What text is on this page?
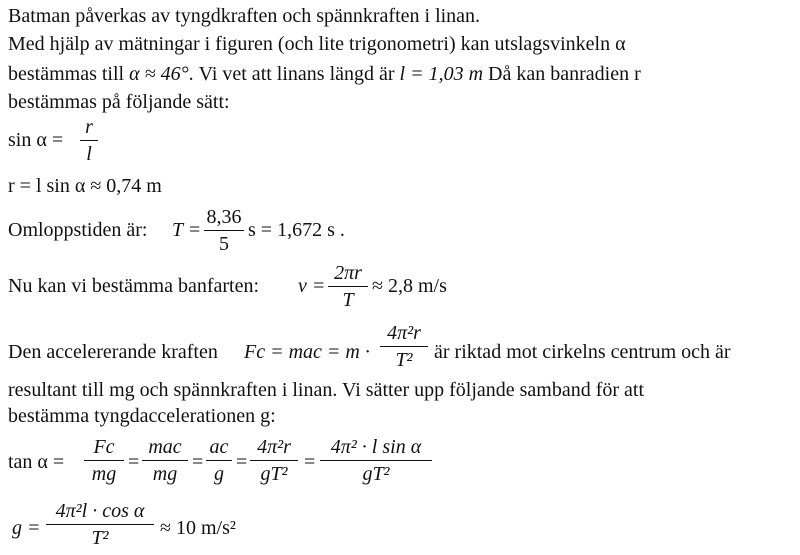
Batman påverkas av tyngdkraften och spännkraften i linan.
Med hjälp av mätningar i figuren (och lite trigonometri) kan utslagsvinkeln α
bestämmas till α ≈ 46°. Vi vet att linans längd är l = 1,03 m Då kan banradien r
bestämmas på följande sätt:
sin α =
r
l
r = l sin α ≈ 0,74 m
Omloppstiden är: T =
8,36
5
s = 1,672 s .
Nu kan vi bestämma banfarten: v =
2πr
T
≈ 2,8 m/s
Den accelererande kraften Fc = mac = m ·
4π²r
T²	är riktad mot cirkelns centrum och är
resultant till mg och spännkraften i linan. Vi sätter upp följande samband för att
bestämma tyngdaccelerationen g:
tan α =
Fc
mg
=
mac
mg
=
ac
g
=
4π²r
gT²
=
4π² · l sin α
gT²
g =
4π²l · cos α
T²	≈ 10 m/s²
